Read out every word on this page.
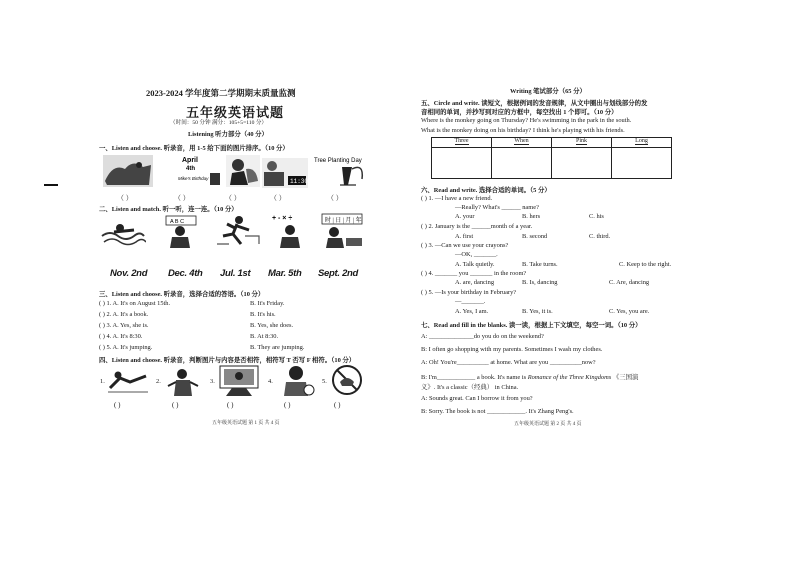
2023-2024 学年度第二学期期末质量监测
五年级英语试题
（时间：50 分钟 满分：105+5=110 分）
Listening 听力部分（40 分）
一、Listen and choose. 听录音，用 1-5 给下面的图片排序。（10 分）
April
4th
Mike's Birthday	11:30
Tree Planting Day
（ ）	（ ）	（ ）	（ ）	（ ）
二、Listen and match. 听一听，连一连。（10 分）
A B C	+ - × ÷	时 | 日 | 月 | 年
Nov. 2nd Dec. 4th Jul. 1st Mar. 5th Sept. 2nd
三、Listen and choose. 听录音，选择合适的答语。（10 分）
( ) 1. A. It's on August 15th.	B. It's Friday.
( ) 2. A. It's a book.	B. It's his.
( ) 3. A. Yes, she is.	B. Yes, she does.
( ) 4. A. It's 8:30.	B. At 8:30.
( ) 5. A. It's jumping.	B. They are jumping.
四、Listen and choose. 听录音，判断图片与内容是否相符，相符写 T 否写 F 相符。（10 分）
1.	2.	3.	4.	5.
( )	( )	( )	( )	( )
五年级英语试题 第 1 页 共 4 页
Writing 笔试部分（65 分）
五、Circle and write. 读短文，根据例词的发音规律，从文中圈出与划线部分的发
音相同的单词，并抄写到对应的方框中，每空找出 1 个即可。（10 分）
Where is the monkey going on Thursday? He's swimming in the park in the south.
What is the monkey doing on his birthday? I think he's playing with his friends.
Three	When	Pink	Long

六、Read and write. 选择合适的单词。（5 分）
( ) 1. —I have a new friend.
—Really? What's ______ name?
A. your	B. hers	C. his
( ) 2. January is the ______month of a year.
A. first	B. second	C. third.
( ) 3. —Can we use your crayons?
—OK, _______.
A. Talk quietly.	B. Take turns.	C. Keep to the right.
( ) 4. _______ you _______ in the room?
A. are, dancing	B. Is, dancing	C. Are, dancing
( ) 5. —Is your birthday in February?
—_______.
A. Yes, I am.	B. Yes, it is.	C. Yes, you are.
七、Read and fill in the blanks. 读一读，根据上下文填空，每空一词。（10 分）
A: ______________do you do on the weekend?
B: I often go shopping with my parents. Sometimes I wash my clothes.
A: Oh! You're__________ at home. What are you __________now?
B: I'm____________ a book. It's name is Romance of the Three Kingdoms 《三国演
义》. It's a classic（经典） in China.
A: Sounds great. Can I borrow it from you?
B: Sorry. The book is not ____________. It's Zhang Peng's.
五年级英语试题 第 2 页 共 4 页
